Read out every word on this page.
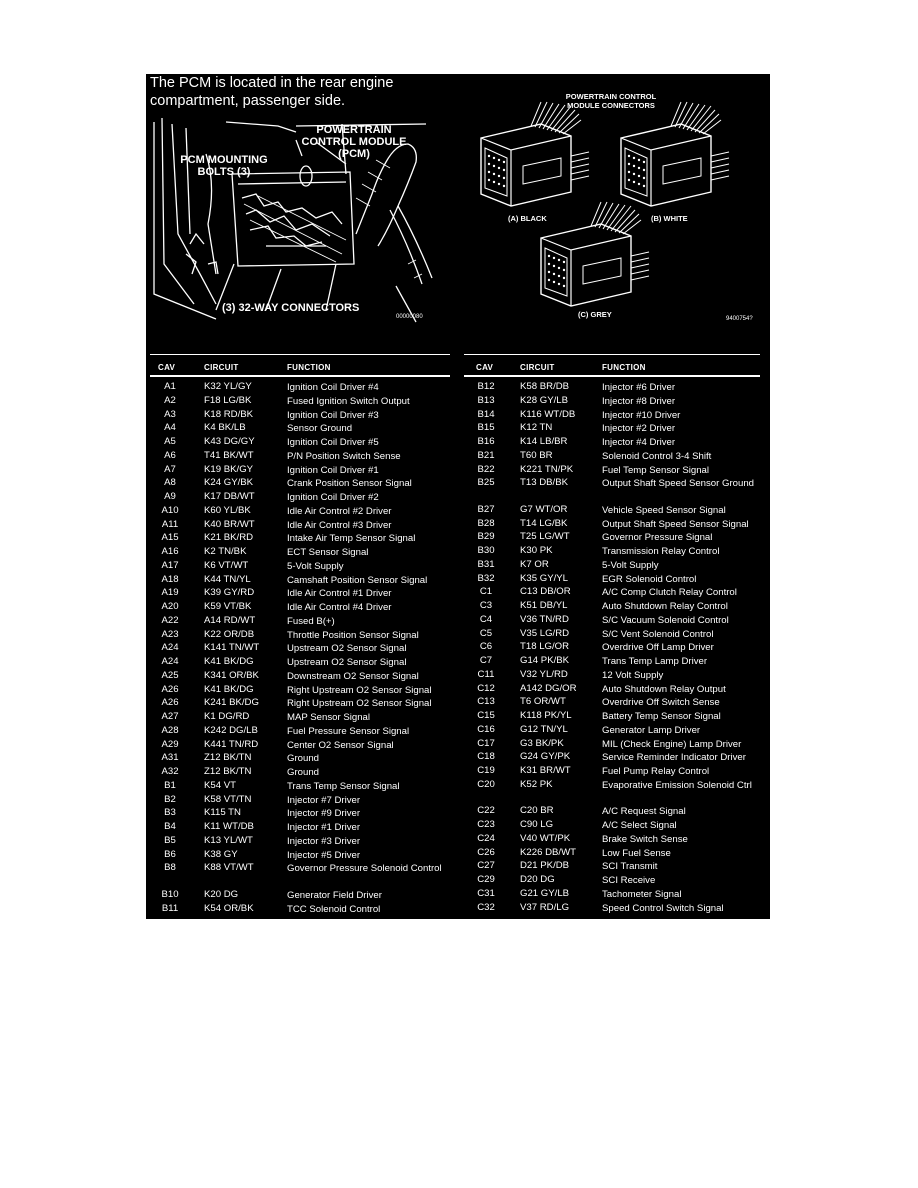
The PCM is located in the rear engine
compartment, passenger side.
POWERTRAIN
CONTROL MODULE
(PCM)
PCM MOUNTING
BOLTS (3)
(3) 32-WAY CONNECTORS
00000080
POWERTRAIN CONTROL
MODULE CONNECTORS
(A) BLACK	(B) WHITE
(C) GREY	9400754?
CAV	CIRCUIT	FUNCTION	CAV	CIRCUIT	FUNCTION
A1	K32 YL/GY	Ignition Coil Driver #4
A2	F18 LG/BK	Fused Ignition Switch Output
A3	K18 RD/BK	Ignition Coil Driver #3
A4	K4 BK/LB	Sensor Ground
A5	K43 DG/GY	Ignition Coil Driver #5
A6	T41 BK/WT	P/N Position Switch Sense
A7	K19 BK/GY	Ignition Coil Driver #1
A8	K24 GY/BK	Crank Position Sensor Signal
A9	K17 DB/WT	Ignition Coil Driver #2
A10	K60 YL/BK	Idle Air Control #2 Driver
A11	K40 BR/WT	Idle Air Control #3 Driver
A15	K21 BK/RD	Intake Air Temp Sensor Signal
A16	K2 TN/BK	ECT Sensor Signal
A17	K6 VT/WT	5-Volt Supply
A18	K44 TN/YL	Camshaft Position Sensor Signal
A19	K39 GY/RD	Idle Air Control #1 Driver
A20	K59 VT/BK	Idle Air Control #4 Driver
A22	A14 RD/WT	Fused B(+)
A23	K22 OR/DB	Throttle Position Sensor Signal
A24	K141 TN/WT	Upstream O2 Sensor Signal
A24	K41 BK/DG	Upstream O2 Sensor Signal
A25	K341 OR/BK	Downstream O2 Sensor Signal
A26	K41 BK/DG	Right Upstream O2 Sensor Signal
A26	K241 BK/DG	Right Upstream O2 Sensor Signal
A27	K1 DG/RD	MAP Sensor Signal
A28	K242 DG/LB	Fuel Pressure Sensor Signal
A29	K441 TN/RD	Center O2 Sensor Signal
A31	Z12 BK/TN	Ground
A32	Z12 BK/TN	Ground
B1	K54 VT	Trans Temp Sensor Signal
B2	K58 VT/TN	Injector #7 Driver
B3	K115 TN	Injector #9 Driver
B4	K11 WT/DB	Injector #1 Driver
B5	K13 YL/WT	Injector #3 Driver
B6	K38 GY	Injector #5 Driver
B8	K88 VT/WT	Governor Pressure Solenoid Control
B10	K20 DG	Generator Field Driver
B11	K54 OR/BK	TCC Solenoid Control
B12	K58 BR/DB	Injector #6 Driver
B13	K28 GY/LB	Injector #8 Driver
B14	K116 WT/DB	Injector #10 Driver
B15	K12 TN	Injector #2 Driver
B16	K14 LB/BR	Injector #4 Driver
B21	T60 BR	Solenoid Control 3-4 Shift
B22	K221 TN/PK	Fuel Temp Sensor Signal
B25	T13 DB/BK	Output Shaft Speed Sensor Ground
B27	G7 WT/OR	Vehicle Speed Sensor Signal
B28	T14 LG/BK	Output Shaft Speed Sensor Signal
B29	T25 LG/WT	Governor Pressure Signal
B30	K30 PK	Transmission Relay Control
B31	K7 OR	5-Volt Supply
B32	K35 GY/YL	EGR Solenoid Control
C1	C13 DB/OR	A/C Comp Clutch Relay Control
C3	K51 DB/YL	Auto Shutdown Relay Control
C4	V36 TN/RD	S/C Vacuum Solenoid Control
C5	V35 LG/RD	S/C Vent Solenoid Control
C6	T18 LG/OR	Overdrive Off Lamp Driver
C7	G14 PK/BK	Trans Temp Lamp Driver
C11	V32 YL/RD	12 Volt Supply
C12	A142 DG/OR	Auto Shutdown Relay Output
C13	T6 OR/WT	Overdrive Off Switch Sense
C15	K118 PK/YL	Battery Temp Sensor Signal
C16	G12 TN/YL	Generator Lamp Driver
C17	G3 BK/PK	MIL (Check Engine) Lamp Driver
C18	G24 GY/PK	Service Reminder Indicator Driver
C19	K31 BR/WT	Fuel Pump Relay Control
C20	K52 PK	Evaporative Emission Solenoid Ctrl
C22	C20 BR	A/C Request Signal
C23	C90 LG	A/C Select Signal
C24	V40 WT/PK	Brake Switch Sense
C26	K226 DB/WT	Low Fuel Sense
C27	D21 PK/DB	SCI Transmit
C29	D20 DG	SCI Receive
C31	G21 GY/LB	Tachometer Signal
C32	V37 RD/LG	Speed Control Switch Signal
